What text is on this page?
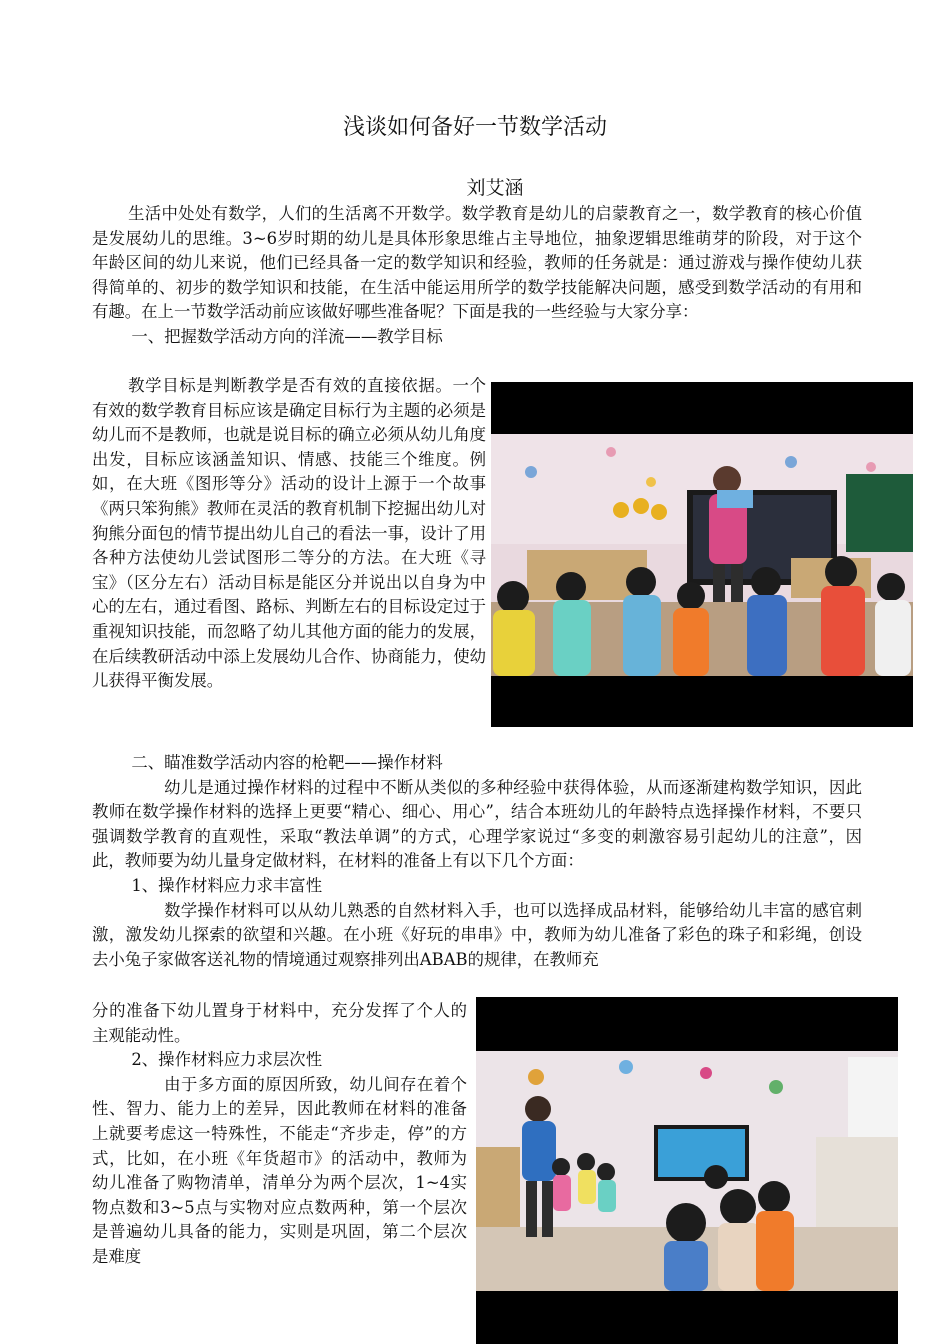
浅谈如何备好一节数学活动
刘艾涵

生活中处处有数学，人们的生活离不开数学。数学教育是幼儿的启蒙教育之一，数学教育的核心价值是发展幼儿的思维。3~6岁时期的幼儿是具体形象思维占主导地位，抽象逻辑思维萌芽的阶段，对于这个年龄区间的幼儿来说，他们已经具备一定的数学知识和经验，教师的任务就是：通过游戏与操作使幼儿获得简单的、初步的数学知识和技能，在生活中能运用所学的数学技能解决问题，感受到数学活动的有用和有趣。在上一节数学活动前应该做好哪些准备呢？下面是我的一些经验与大家分享：

一、把握数学活动方向的洋流——教学目标

教学目标是判断教学是否有效的直接依据。一个有效的数学教育目标应该是确定目标行为主题的必须是幼儿而不是教师，也就是说目标的确立必须从幼儿角度出发，目标应该涵盖知识、情感、技能三个维度。例如，在大班《图形等分》活动的设计上源于一个故事《两只笨狗熊》教师在灵活的教育机制下挖掘出幼儿对狗熊分面包的情节提出幼儿自己的看法一事，设计了用各种方法使幼儿尝试图形二等分的方法。在大班《寻宝》（区分左右）活动目标是能区分并说出以自身为中心的左右，通过看图、路标、判断左右的目标设定过于重视知识技能，而忽略了幼儿其他方面的能力的发展，在后续教研活动中添上发展幼儿合作、协商能力，使幼儿获得平衡发展。

二、瞄准数学活动内容的枪靶——操作材料

幼儿是通过操作材料的过程中不断从类似的多种经验中获得体验，从而逐渐建构数学知识，因此教师在数学操作材料的选择上更要“精心、细心、用心”，结合本班幼儿的年龄特点选择操作材料，不要只强调数学教育的直观性，采取“教法单调”的方式，心理学家说过“多变的刺激容易引起幼儿的注意”，因此，教师要为幼儿量身定做材料，在材料的准备上有以下几个方面：

1、操作材料应力求丰富性

数学操作材料可以从幼儿熟悉的自然材料入手，也可以选择成品材料，能够给幼儿丰富的感官刺激，激发幼儿探索的欲望和兴趣。在小班《好玩的串串》中，教师为幼儿准备了彩色的珠子和彩绳，创设去小兔子家做客送礼物的情境通过观察排列出ABAB的规律，在教师充

分的准备下幼儿置身于材料中，充分发挥了个人的主观能动性。

2、操作材料应力求层次性

由于多方面的原因所致，幼儿间存在着个性、智力、能力上的差异，因此教师在材料的准备上就要考虑这一特殊性，不能走“齐步走，停”的方式，比如，在小班《年货超市》的活动中，教师为幼儿准备了购物清单，清单分为两个层次，1~4实物点数和3~5点与实物对应点数两种，第一个层次是普遍幼儿具备的能力，实则是巩固，第二个层次是难度
